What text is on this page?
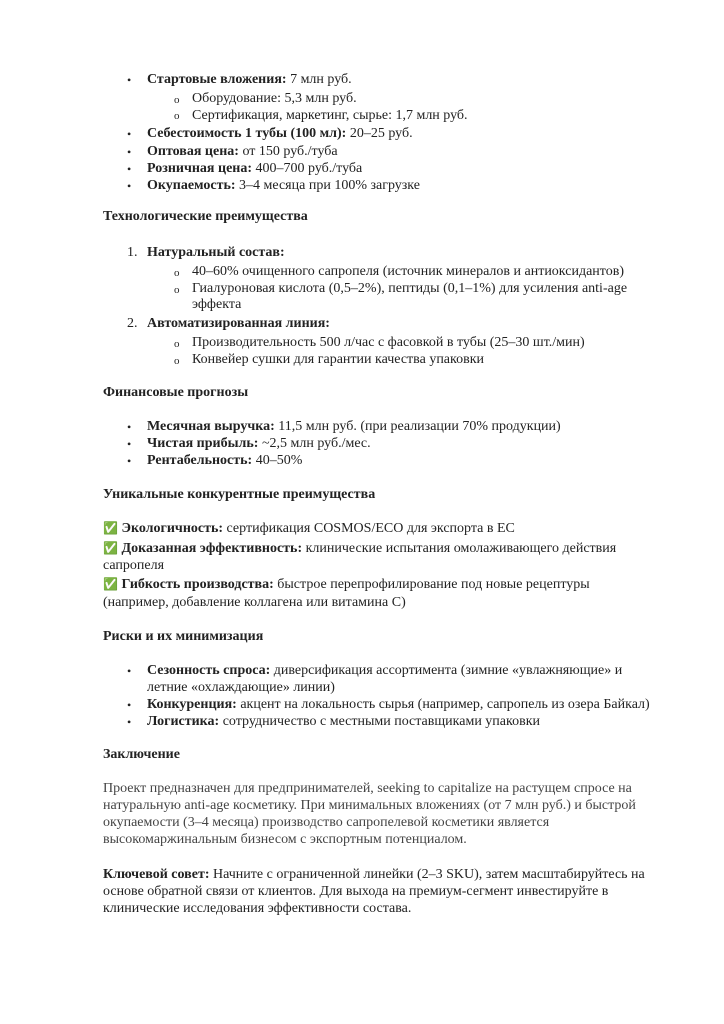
• Стартовые вложения: 7 млн руб.
o Оборудование: 5,3 млн руб.
o Сертификация, маркетинг, сырье: 1,7 млн руб.
• Себестоимость 1 тубы (100 мл): 20–25 руб.
• Оптовая цена: от 150 руб./туба
• Розничная цена: 400–700 руб./туба
• Окупаемость: 3–4 месяца при 100% загрузке
Технологические преимущества
1. Натуральный состав:
o 40–60% очищенного сапропеля (источник минералов и антиоксидантов)
o Гиалуроновая кислота (0,5–2%), пептиды (0,1–1%) для усиления anti-age
эффекта
2. Автоматизированная линия:
o Производительность 500 л/час с фасовкой в тубы (25–30 шт./мин)
o Конвейер сушки для гарантии качества упаковки
Финансовые прогнозы
• Месячная выручка: 11,5 млн руб. (при реализации 70% продукции)
• Чистая прибыль: ~2,5 млн руб./мес.
• Рентабельность: 40–50%
Уникальные конкурентные преимущества
✅ Экологичность: сертификация COSMOS/ECO для экспорта в ЕС
✅ Доказанная эффективность: клинические испытания омолаживающего действия
сапропеля
✅ Гибкость производства: быстрое перепрофилирование под новые рецептуры
(например, добавление коллагена или витамина С)
Риски и их минимизация
• Сезонность спроса: диверсификация ассортимента (зимние «увлажняющие» и
летние «охлаждающие» линии)
• Конкуренция: акцент на локальность сырья (например, сапропель из озера Байкал)
• Логистика: сотрудничество с местными поставщиками упаковки
Заключение
Проект предназначен для предпринимателей, seeking to capitalize на растущем спросе на
натуральную anti-age косметику. При минимальных вложениях (от 7 млн руб.) и быстрой
окупаемости (3–4 месяца) производство сапропелевой косметики является
высокомаржинальным бизнесом с экспортным потенциалом.
Ключевой совет: Начните с ограниченной линейки (2–3 SKU), затем масштабируйтесь на
основе обратной связи от клиентов. Для выхода на премиум-сегмент инвестируйте в
клинические исследования эффективности состава.
